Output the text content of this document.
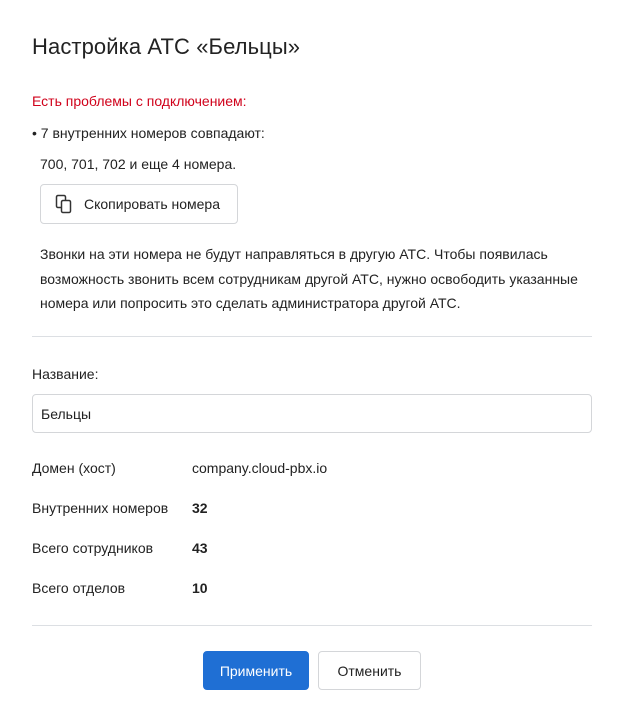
Настройка АТС «Бельцы»
Есть проблемы с подключением:
• 7 внутренних номеров совпадают:
700, 701, 702 и еще 4 номера.
Скопировать номера

Звонки на эти номера не будут направляться в другую АТС. Чтобы появилась возможность звонить всем сотрудникам другой АТС, нужно освободить указанные номера или попросить это сделать администратора другой АТС.

Название:
Бельцы
Домен (хост)	company.cloud-pbx.io
Внутренних номеров 32
Всего сотрудников	43
Всего отделов	10
Применить	Отменить
